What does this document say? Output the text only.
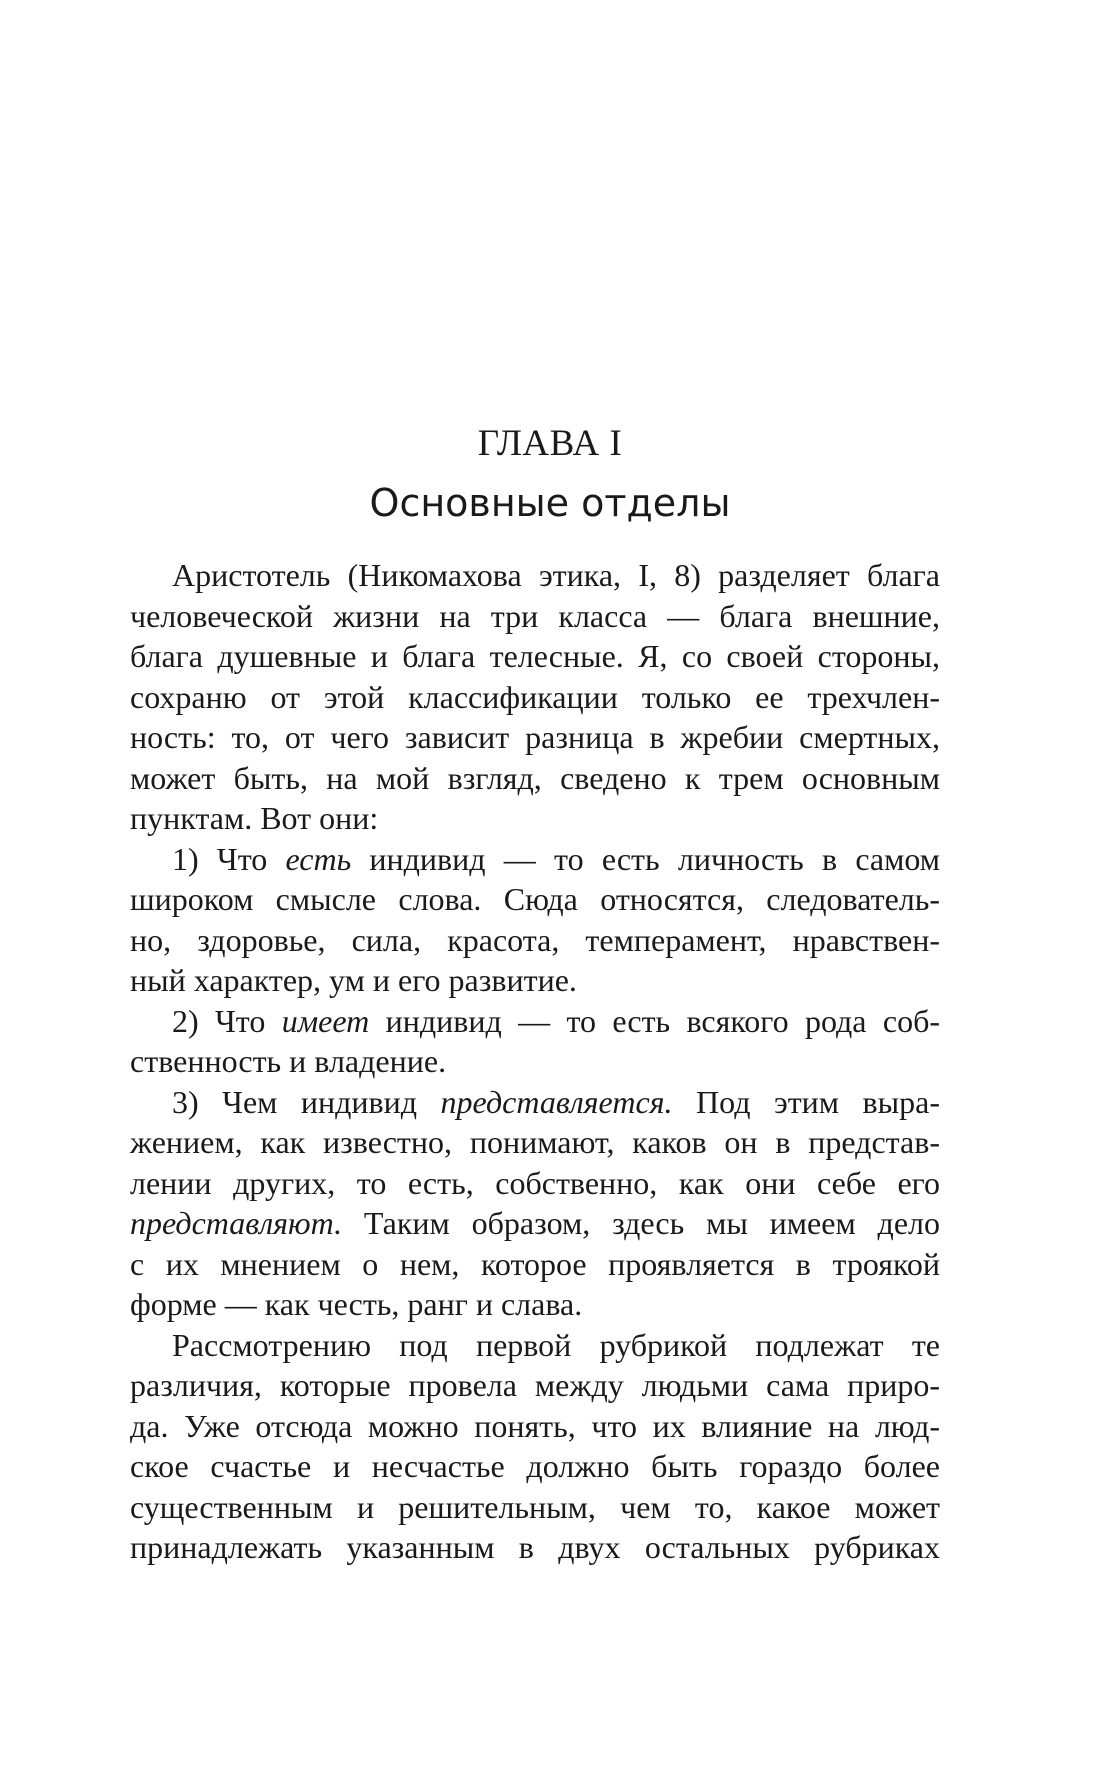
ГЛАВА I
Основные отделы
Аристотель (Никомахова этика, I, 8) разделяет блага
человеческой жизни на три класса — блага внешние,
блага душевные и блага телесные. Я, со своей стороны,
сохраню от этой классификации только ее трехчлен-
ность: то, от чего зависит разница в жребии смертных,
может быть, на мой взгляд, сведено к трем основным
пунктам. Вот они:
1) Что есть индивид — то есть личность в самом
широком смысле слова. Сюда относятся, следователь-
но, здоровье, сила, красота, темперамент, нравствен-
ный характер, ум и его развитие.
2) Что имеет индивид — то есть всякого рода соб-
ственность и владение.
3) Чем индивид представляется. Под этим выра-
жением, как известно, понимают, каков он в представ-
лении других, то есть, собственно, как они себе его
представляют. Таким образом, здесь мы имеем дело
с их мнением о нем, которое проявляется в троякой
форме — как честь, ранг и слава.
Рассмотрению под первой рубрикой подлежат те
различия, которые провела между людьми сама приро-
да. Уже отсюда можно понять, что их влияние на люд-
ское счастье и несчастье должно быть гораздо более
существенным и решительным, чем то, какое может
принадлежать указанным в двух остальных рубриках
